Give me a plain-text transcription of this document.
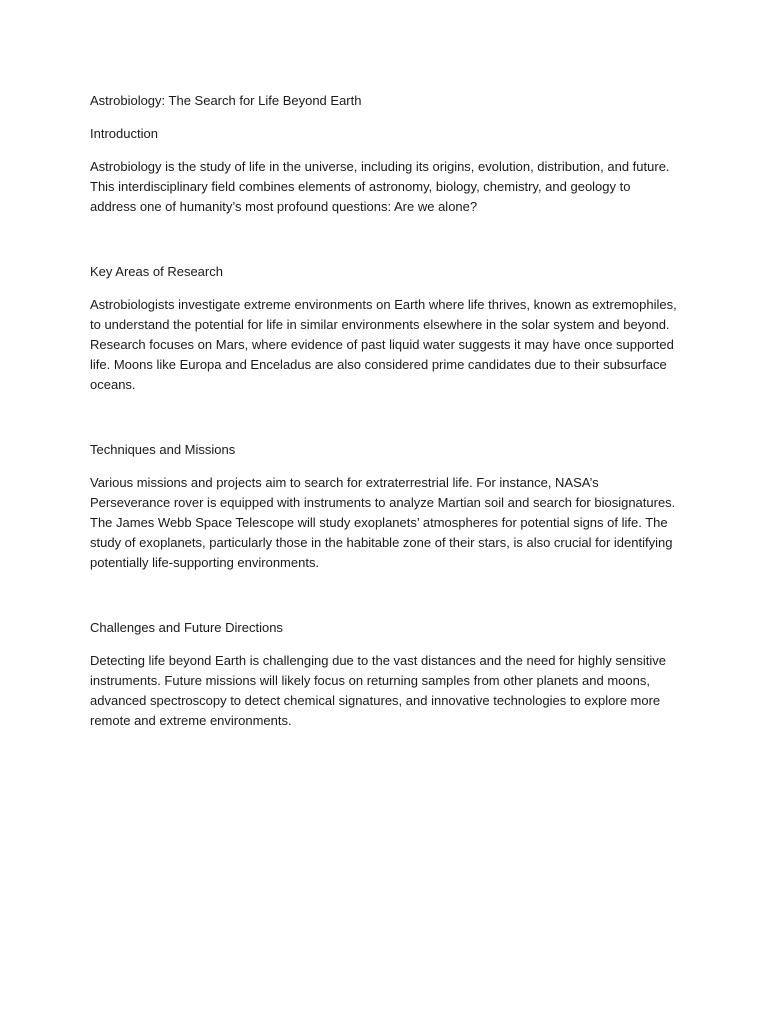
Astrobiology: The Search for Life Beyond Earth

Introduction

Astrobiology is the study of life in the universe, including its origins, evolution, distribution, and future. This interdisciplinary field combines elements of astronomy, biology, chemistry, and geology to address one of humanity’s most profound questions: Are we alone?

Key Areas of Research

Astrobiologists investigate extreme environments on Earth where life thrives, known as extremophiles, to understand the potential for life in similar environments elsewhere in the solar system and beyond. Research focuses on Mars, where evidence of past liquid water suggests it may have once supported life. Moons like Europa and Enceladus are also considered prime candidates due to their subsurface oceans.

Techniques and Missions

Various missions and projects aim to search for extraterrestrial life. For instance, NASA’s Perseverance rover is equipped with instruments to analyze Martian soil and search for biosignatures. The James Webb Space Telescope will study exoplanets’ atmospheres for potential signs of life. The study of exoplanets, particularly those in the habitable zone of their stars, is also crucial for identifying potentially life-supporting environments.

Challenges and Future Directions

Detecting life beyond Earth is challenging due to the vast distances and the need for highly sensitive instruments. Future missions will likely focus on returning samples from other planets and moons, advanced spectroscopy to detect chemical signatures, and innovative technologies to explore more remote and extreme environments.
